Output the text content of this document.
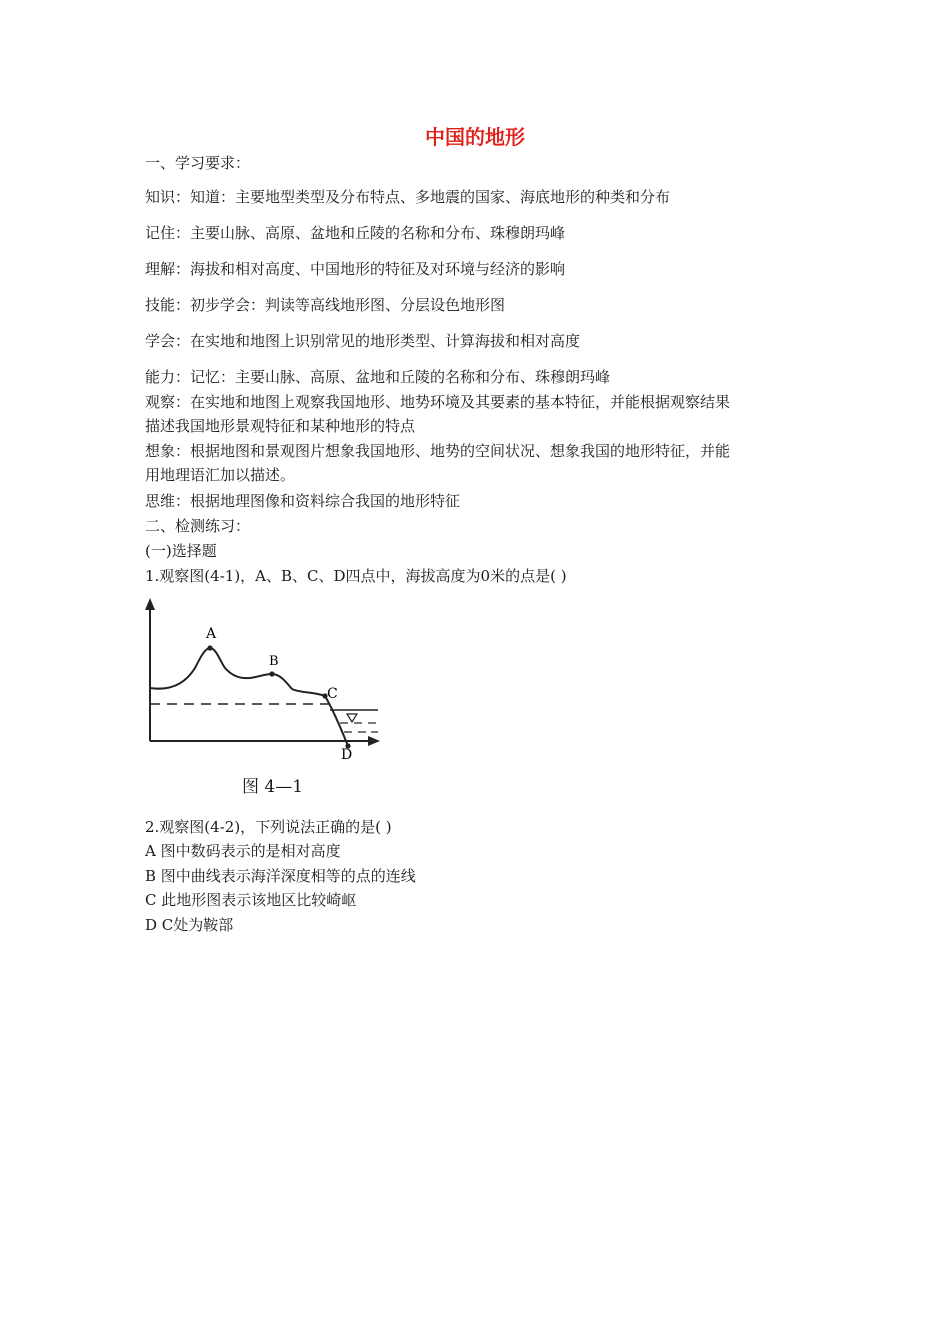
中国的地形
一、学习要求：
知识：知道：主要地型类型及分布特点、多地震的国家、海底地形的种类和分布
记住：主要山脉、高原、盆地和丘陵的名称和分布、珠穆朗玛峰
理解：海拔和相对高度、中国地形的特征及对环境与经济的影响
技能：初步学会：判读等高线地形图、分层设色地形图
学会：在实地和地图上识别常见的地形类型、计算海拔和相对高度
能力：记忆：主要山脉、高原、盆地和丘陵的名称和分布、珠穆朗玛峰
观察：在实地和地图上观察我国地形、地势环境及其要素的基本特征，并能根据观察结果
描述我国地形景观特征和某种地形的特点
想象：根据地图和景观图片想象我国地形、地势的空间状况、想象我国的地形特征，并能
用地理语汇加以描述。
思维：根据地理图像和资料综合我国的地形特征
二、检测练习：
(一)选择题
1.观察图(4-1)，A、B、C、D四点中，海拔高度为0米的点是( )
A
B
C
D
图 4—1
2.观察图(4-2)，下列说法正确的是( )
A 图中数码表示的是相对高度
B 图中曲线表示海洋深度相等的点的连线
C 此地形图表示该地区比较崎岖
D C处为鞍部
